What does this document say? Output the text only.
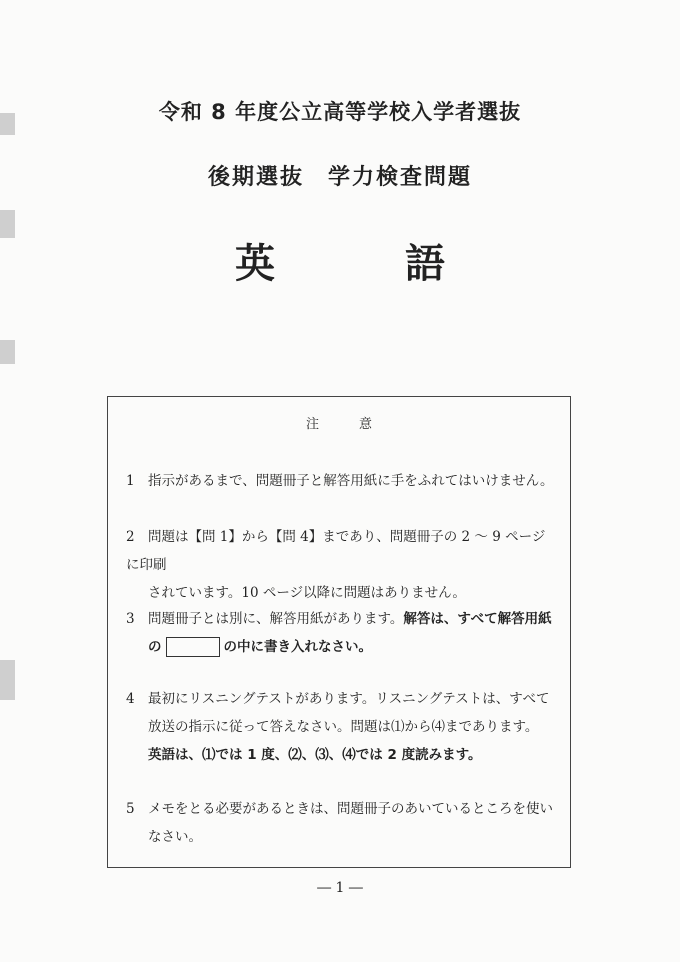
令和 8 年度公立高等学校入学者選抜
後期選抜 学力検査問題
英	語
注意
1 指示があるまで、問題冊子と解答用紙に手をふれてはいけません。
2 問題は【問 1】から【問 4】まであり、問題冊子の 2 ～ 9 ページに印刷
されています。10 ページ以降に問題はありません。
3 問題冊子とは別に、解答用紙があります。解答は、すべて解答用紙
の	の中に書き入れなさい。
4 最初にリスニングテストがあります。リスニングテストは、すべて
放送の指示に従って答えなさい。問題は⑴から⑷まであります。
英語は、⑴では 1 度、⑵、⑶、⑷では 2 度読みます。
5 メモをとる必要があるときは、問題冊子のあいているところを使い
なさい。
― 1 ―
